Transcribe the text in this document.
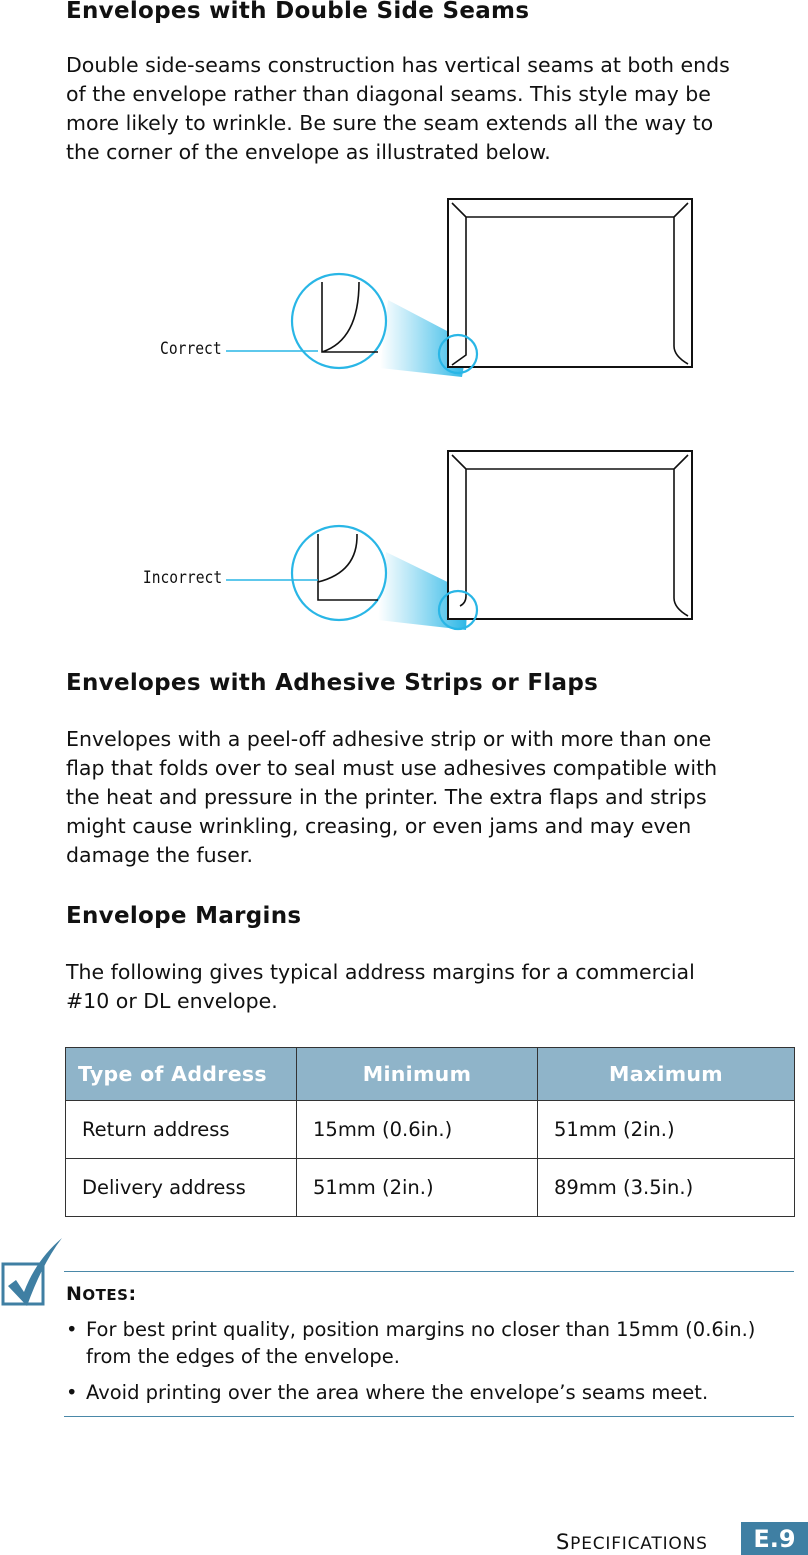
Envelopes with Double Side Seams

Double side-seams construction has vertical seams at both ends
of the envelope rather than diagonal seams. This style may be
more likely to wrinkle. Be sure the seam extends all the way to
the corner of the envelope as illustrated below.

Correct
Incorrect
Envelopes with Adhesive Strips or Flaps

Envelopes with a peel-off adhesive strip or with more than one
flap that folds over to seal must use adhesives compatible with
the heat and pressure in the printer. The extra flaps and strips
might cause wrinkling, creasing, or even jams and may even
damage the fuser.

Envelope Margins

The following gives typical address margins for a commercial
#10 or DL envelope.

Type of Address	Minimum	Maximum
Return address	15mm (0.6in.)	51mm (2in.)
Delivery address	51mm (2in.)	89mm (3.5in.)
NOTES:
• For best print quality, position margins no closer than 15mm (0.6in.) from the edges of the envelope.
• Avoid printing over the area where the envelope’s seams meet.
SPECIFICATIONS	E.9
